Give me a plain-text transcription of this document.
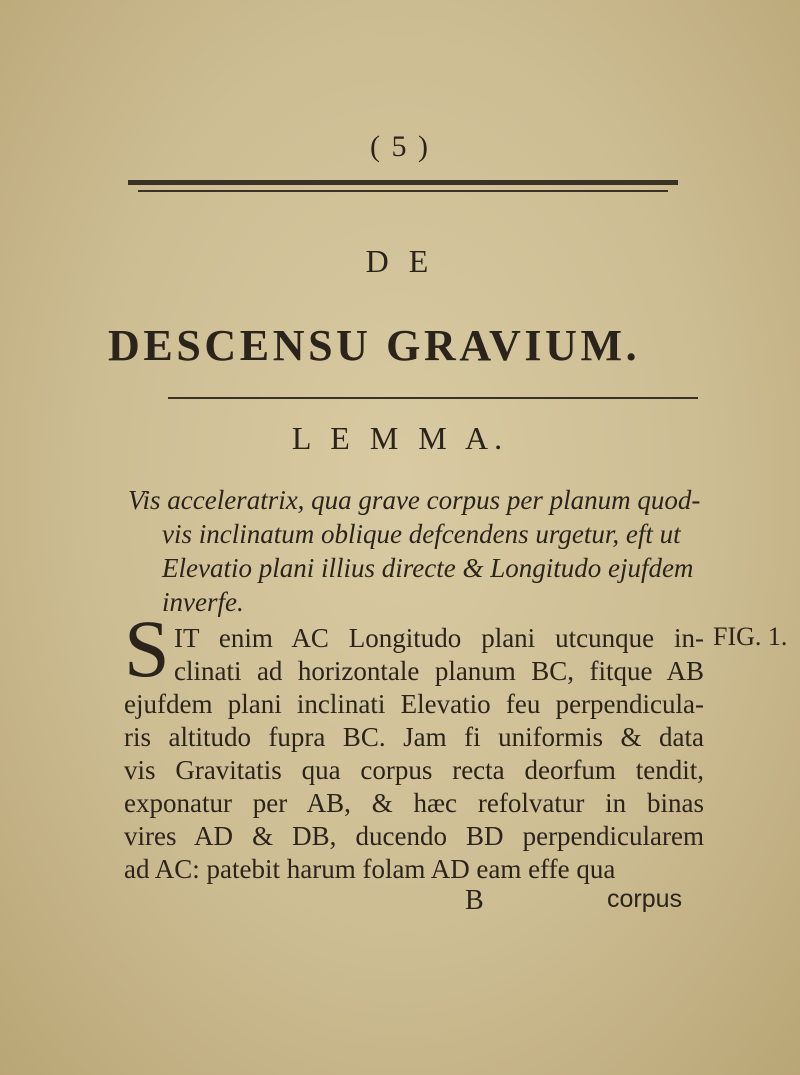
( 5 )
D E
DESCENSU GRAVIUM.
L E M M A.
Vis acceleratrix, qua grave corpus per planum quod-
vis inclinatum oblique defcendens urgetur, eft ut
Elevatio plani illius directe & Longitudo ejufdem
inverfe.
S IT enim AC Longitudo plani utcunque in-
clinati ad horizontale planum BC, fitque AB
ejufdem plani inclinati Elevatio feu perpendicula-
ris altitudo fupra BC. Jam fi uniformis & data
vis Gravitatis qua corpus recta deorfum tendit,
exponatur per AB, & hæc refolvatur in binas
vires AD & DB, ducendo BD perpendicularem
ad AC: patebit harum folam AD eam effe qua
FIG. 1.
B	corpus
